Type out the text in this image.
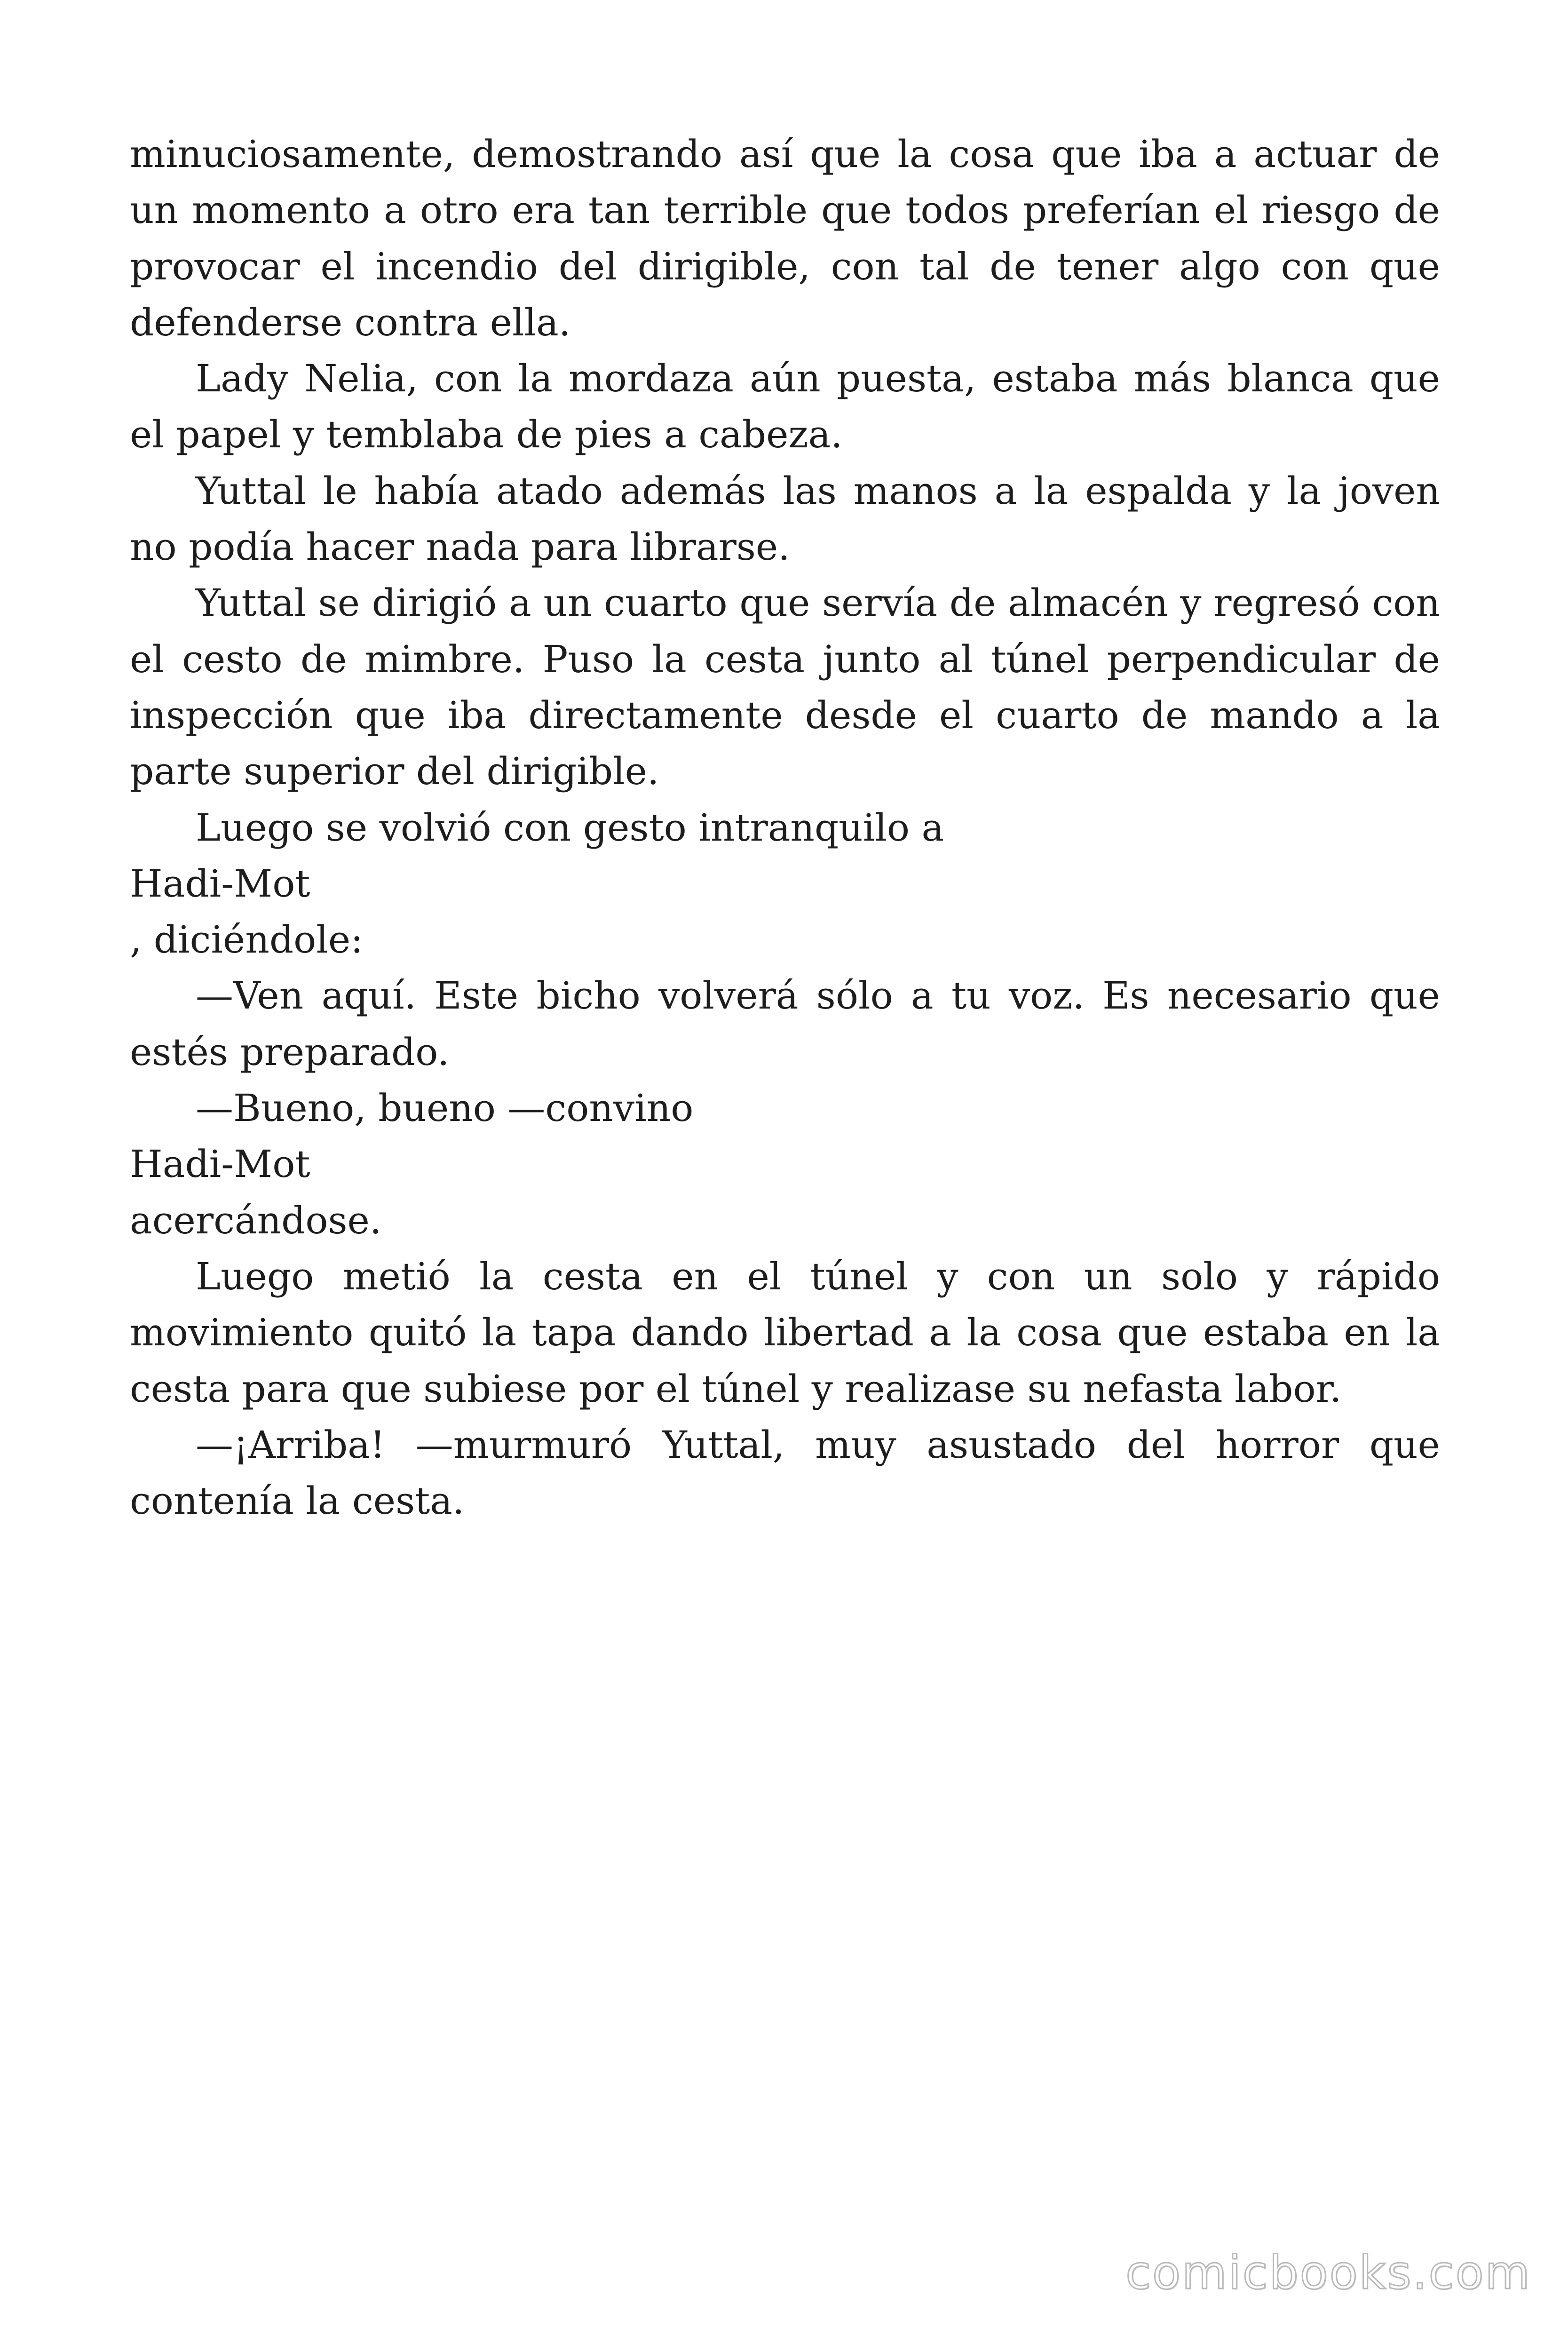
minuciosamente, demostrando así que la cosa que iba a actuar de un momento a otro era tan terrible que todos preferían el riesgo de provocar el incendio del dirigible, con tal de tener algo con que defenderse contra ella.

Lady Nelia, con la mordaza aún puesta, estaba más blanca que el papel y temblaba de pies a cabeza.

Yuttal le había atado además las manos a la espalda y la joven no podía hacer nada para librarse.

Yuttal se dirigió a un cuarto que servía de almacén y regresó con el cesto de mimbre. Puso la cesta junto al túnel perpendicular de inspección que iba directamente desde el cuarto de mando a la parte superior del dirigible.

Luego se volvió con gesto intranquilo a

Hadi-Mot

, diciéndole:

—Ven aquí. Este bicho volverá sólo a tu voz. Es necesario que estés preparado.

—Bueno, bueno —convino

Hadi-Mot

acercándose.

Luego metió la cesta en el túnel y con un solo y rápido movimiento quitó la tapa dando libertad a la cosa que estaba en la cesta para que subiese por el túnel y realizase su nefasta labor.

—¡Arriba! —murmuró Yuttal, muy asustado del horror que contenía la cesta.

comicbooks.com
